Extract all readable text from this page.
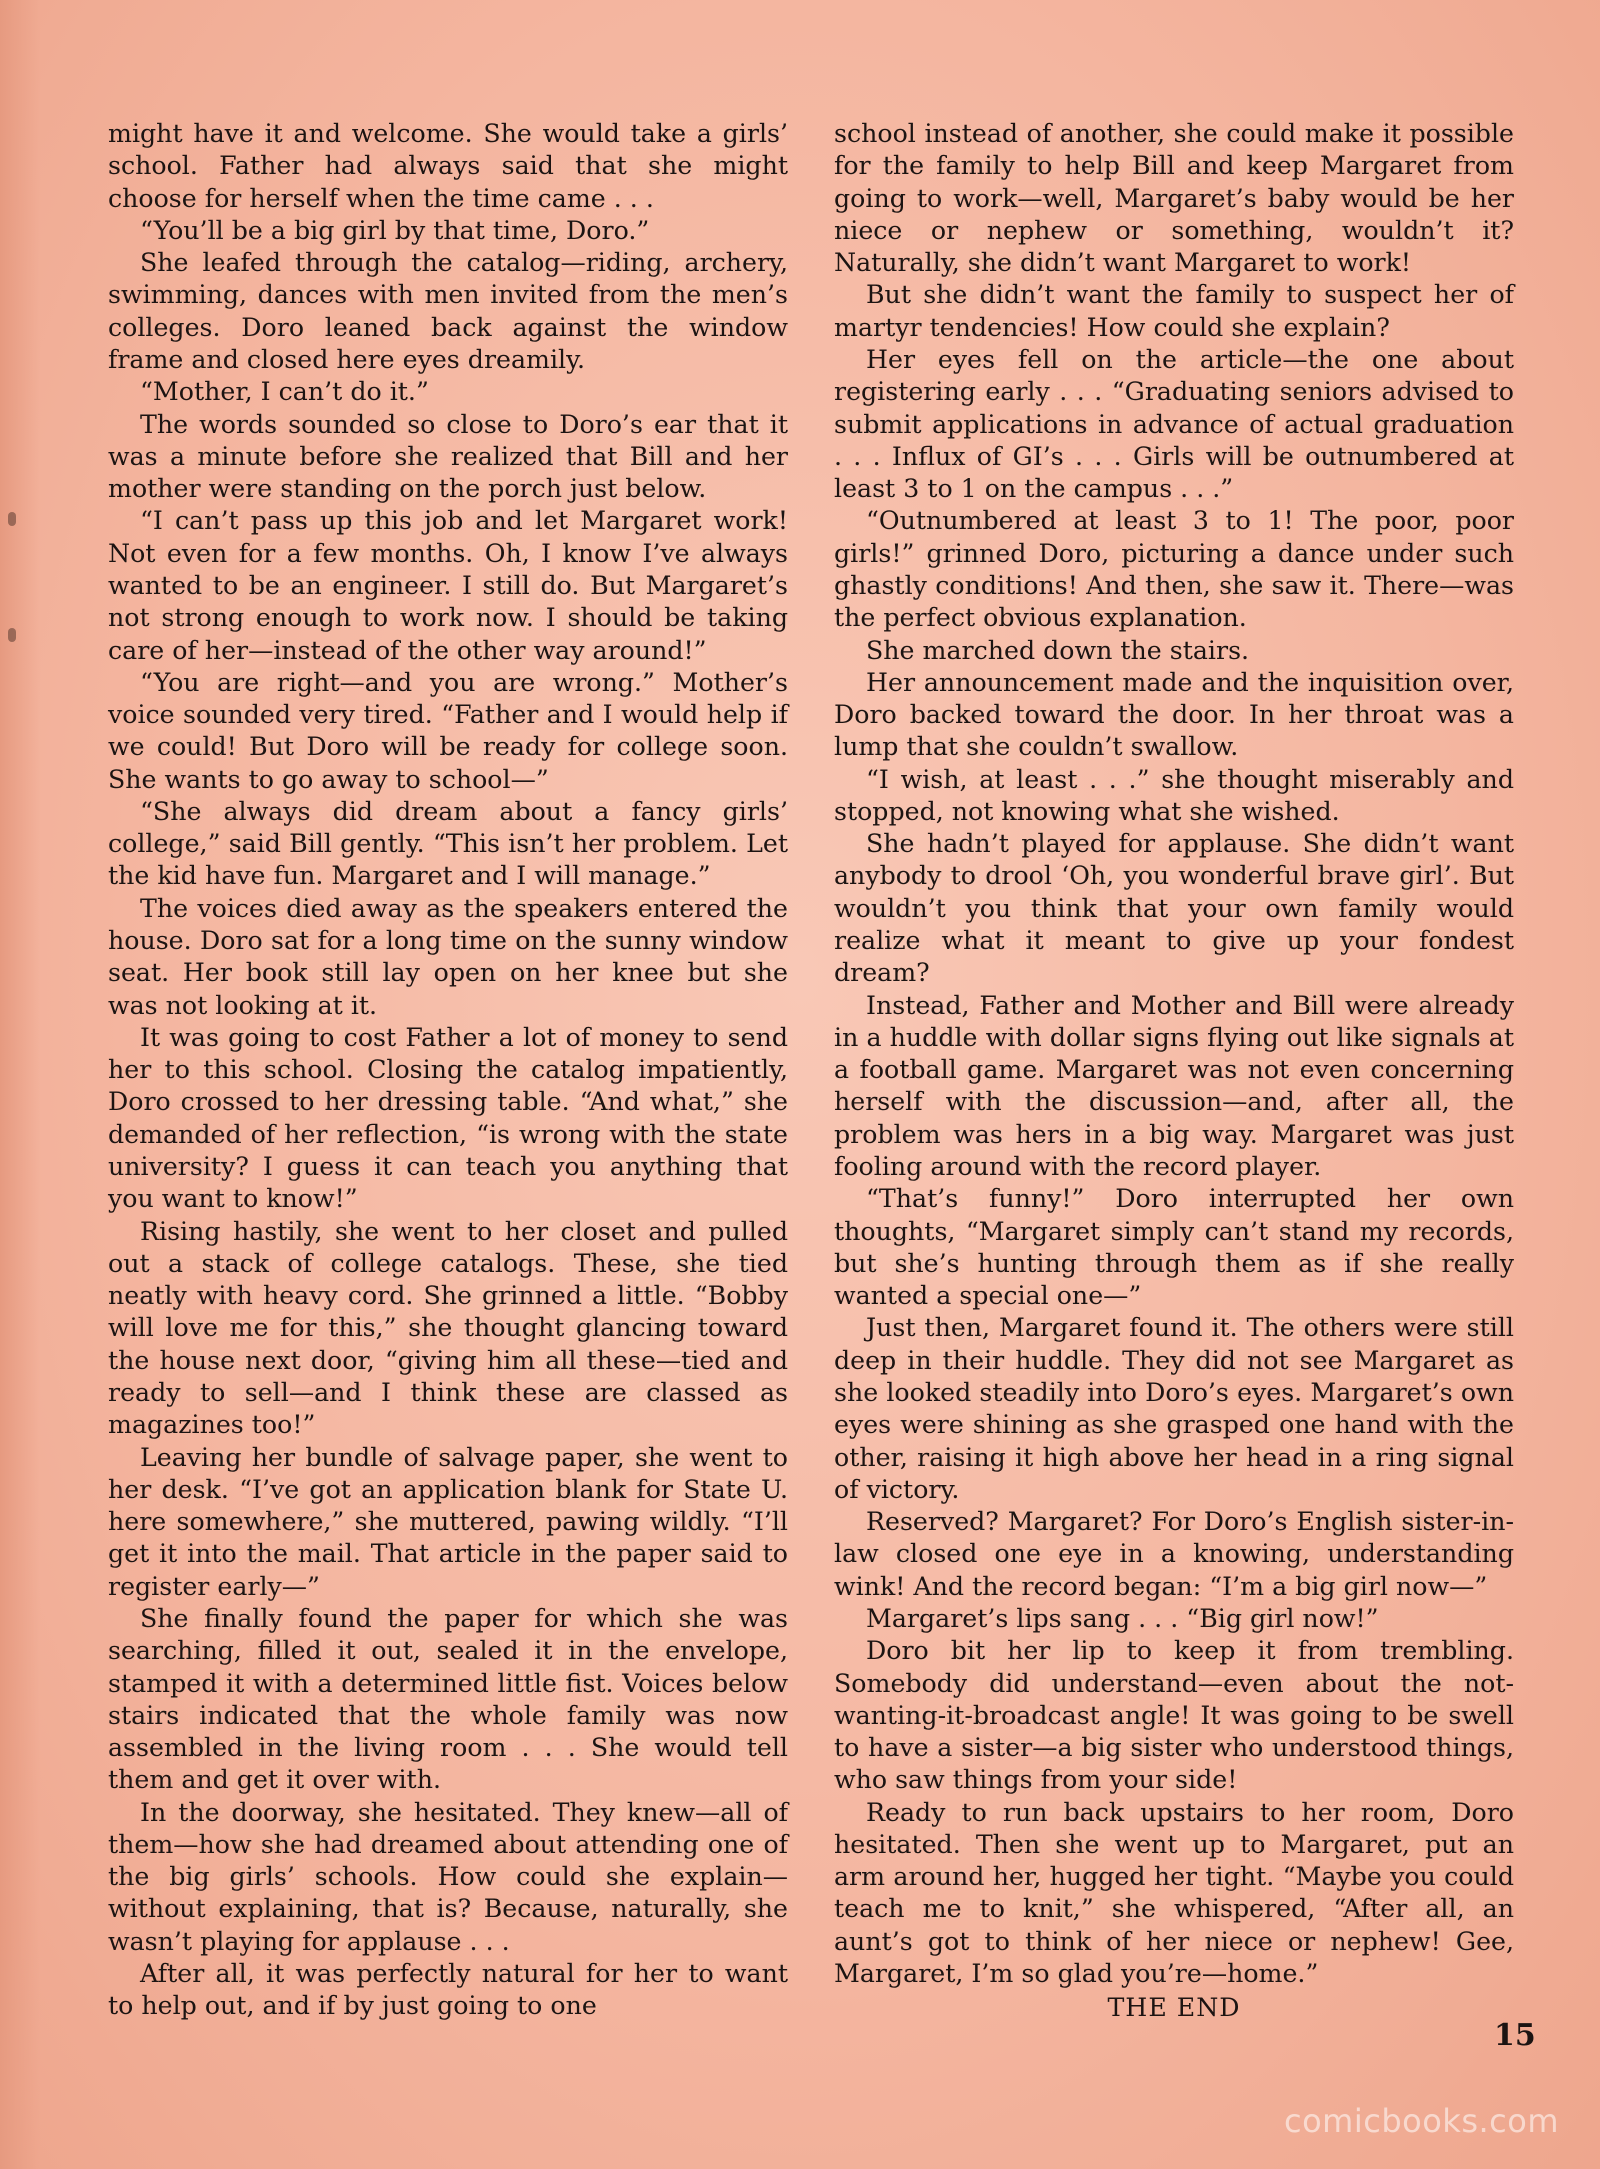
might have it and welcome. She would take a girls’ school. Father had always said that she might choose for herself when the time came . . .

“You’ll be a big girl by that time, Doro.”

She leafed through the catalog—riding, archery, swimming, dances with men invited from the men’s colleges. Doro leaned back against the window frame and closed here eyes dreamily.

“Mother, I can’t do it.”

The words sounded so close to Doro’s ear that it was a minute before she realized that Bill and her mother were standing on the porch just below.

“I can’t pass up this job and let Margaret work! Not even for a few months. Oh, I know I’ve always wanted to be an engineer. I still do. But Margaret’s not strong enough to work now. I should be taking care of her—instead of the other way around!”

“You are right—and you are wrong.” Mother’s voice sounded very tired. “Father and I would help if we could! But Doro will be ready for college soon. She wants to go away to school—”

“She always did dream about a fancy girls’ college,” said Bill gently. “This isn’t her problem. Let the kid have fun. Margaret and I will manage.”

The voices died away as the speakers entered the house. Doro sat for a long time on the sunny window seat. Her book still lay open on her knee but she was not looking at it.

It was going to cost Father a lot of money to send her to this school. Closing the catalog impatiently, Doro crossed to her dressing table. “And what,” she demanded of her reflection, “is wrong with the state university? I guess it can teach you anything that you want to know!”

Rising hastily, she went to her closet and pulled out a stack of college catalogs. These, she tied neatly with heavy cord. She grinned a little. “Bobby will love me for this,” she thought glancing toward the house next door, “giving him all these—tied and ready to sell—and I think these are classed as magazines too!”

Leaving her bundle of salvage paper, she went to her desk. “I’ve got an application blank for State U. here somewhere,” she muttered, pawing wildly. “I’ll get it into the mail. That article in the paper said to register early—”

She finally found the paper for which she was searching, filled it out, sealed it in the envelope, stamped it with a determined little fist. Voices below stairs indicated that the whole family was now assembled in the living room . . . She would tell them and get it over with.

In the doorway, she hesitated. They knew—all of them—how she had dreamed about attending one of the big girls’ schools. How could she explain—without explaining, that is? Because, naturally, she wasn’t playing for applause . . .

After all, it was perfectly natural for her to want to help out, and if by just going to one

school instead of another, she could make it possible for the family to help Bill and keep Margaret from going to work—well, Margaret’s baby would be her niece or nephew or something, wouldn’t it? Naturally, she didn’t want Margaret to work!

But she didn’t want the family to suspect her of martyr tendencies! How could she explain?

Her eyes fell on the article—the one about registering early . . . “Graduating seniors advised to submit applications in advance of actual graduation . . . Influx of GI’s . . . Girls will be outnumbered at least 3 to 1 on the campus . . .”

“Outnumbered at least 3 to 1! The poor, poor girls!” grinned Doro, picturing a dance under such ghastly conditions! And then, she saw it. There—was the perfect obvious explanation.

She marched down the stairs.

Her announcement made and the inquisition over, Doro backed toward the door. In her throat was a lump that she couldn’t swallow.

“I wish, at least . . .” she thought miserably and stopped, not knowing what she wished.

She hadn’t played for applause. She didn’t want anybody to drool ‘Oh, you wonderful brave girl’. But wouldn’t you think that your own family would realize what it meant to give up your fondest dream?

Instead, Father and Mother and Bill were already in a huddle with dollar signs flying out like signals at a football game. Margaret was not even concerning herself with the discussion—and, after all, the problem was hers in a big way. Margaret was just fooling around with the record player.

“That’s funny!” Doro interrupted her own thoughts, “Margaret simply can’t stand my records, but she’s hunting through them as if she really wanted a special one—”

Just then, Margaret found it. The others were still deep in their huddle. They did not see Margaret as she looked steadily into Doro’s eyes. Margaret’s own eyes were shining as she grasped one hand with the other, raising it high above her head in a ring signal of victory.

Reserved? Margaret? For Doro’s English sister-in-law closed one eye in a knowing, understanding wink! And the record began: “I’m a big girl now—”

Margaret’s lips sang . . . “Big girl now!”

Doro bit her lip to keep it from trembling. Somebody did understand—even about the not-wanting-it-broadcast angle! It was going to be swell to have a sister—a big sister who understood things, who saw things from your side!

Ready to run back upstairs to her room, Doro hesitated. Then she went up to Margaret, put an arm around her, hugged her tight. “Maybe you could teach me to knit,” she whispered, “After all, an aunt’s got to think of her niece or nephew! Gee, Margaret, I’m so glad you’re—home.”

THE END

15
comicbooks.com
